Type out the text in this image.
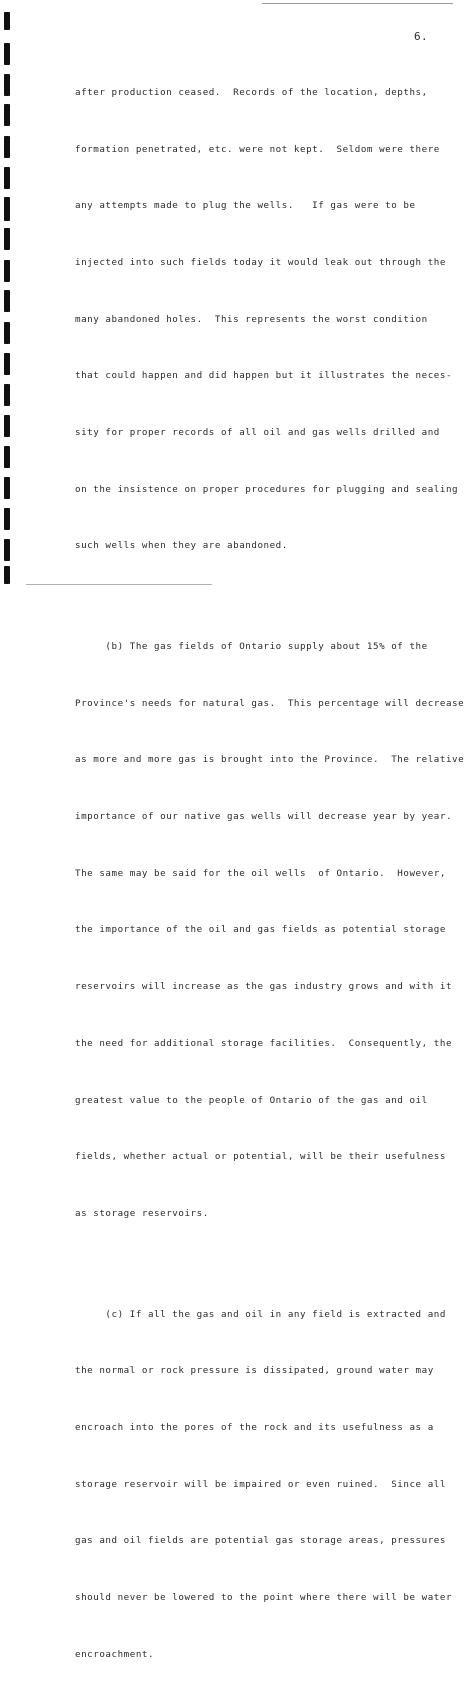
6.

after production ceased.  Records of the location, depths,

formation penetrated, etc. were not kept.  Seldom were there

any attempts made to plug the wells.   If gas were to be

injected into such fields today it would leak out through the

many abandoned holes.  This represents the worst condition

that could happen and did happen but it illustrates the neces-

sity for proper records of all oil and gas wells drilled and

on the insistence on proper procedures for plugging and sealing

such wells when they are abandoned.

(b) The gas fields of Ontario supply about 15% of the

Province's needs for natural gas.  This percentage will decrease

as more and more gas is brought into the Province.  The relative

importance of our native gas wells will decrease year by year.

The same may be said for the oil wells  of Ontario.  However,

the importance of the oil and gas fields as potential storage

reservoirs will increase as the gas industry grows and with it

the need for additional storage facilities.  Consequently, the

greatest value to the people of Ontario of the gas and oil

fields, whether actual or potential, will be their usefulness

as storage reservoirs.

(c) If all the gas and oil in any field is extracted and

the normal or rock pressure is dissipated, ground water may

encroach into the pores of the rock and its usefulness as a

storage reservoir will be impaired or even ruined.  Since all

gas and oil fields are potential gas storage areas, pressures

should never be lowered to the point where there will be water

encroachment.
